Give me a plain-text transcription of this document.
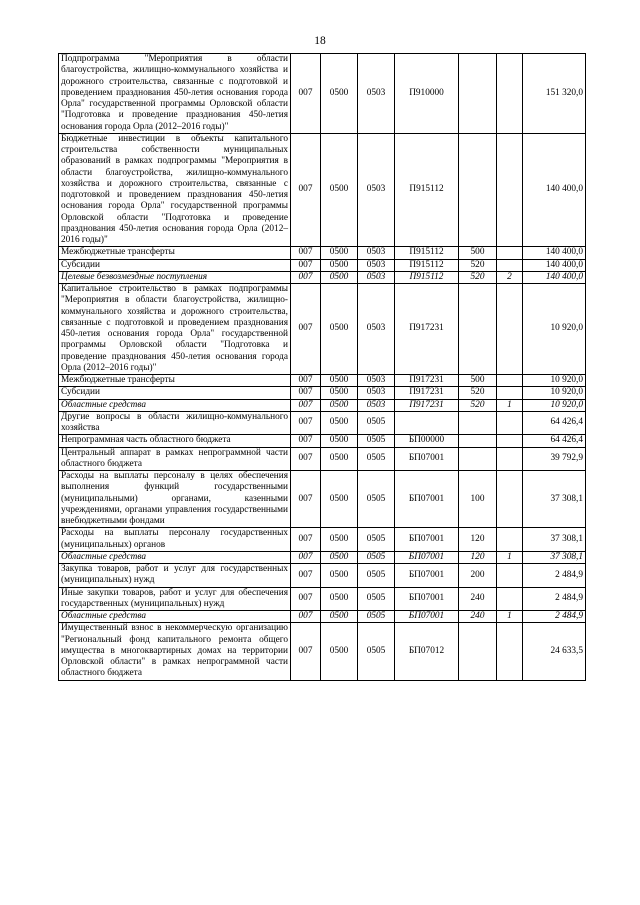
18
Подпрограмма "Мероприятия в области благоустройства, жилищно-коммунального хозяйства и дорожного строительства, связанные с подготовкой и проведением празднования 450-летия основания города Орла" государственной программы Орловской области "Подготовка и проведение празднования 450-летия основания города Орла (2012–2016 годы)"	007	0500	0503	П910000			151 320,0
Бюджетные инвестиции в объекты капитального строительства собственности муниципальных образований в рамках подпрограммы "Мероприятия в области благоустройства, жилищно-коммунального хозяйства и дорожного строительства, связанные с подготовкой и проведением празднования 450-летия основания города Орла" государственной программы Орловской области "Подготовка и проведение празднования 450-летия основания города Орла (2012–2016 годы)"	007	0500	0503	П915112			140 400,0
Межбюджетные трансферты	007	0500	0503	П915112	500		140 400,0
Субсидии	007	0500	0503	П915112	520		140 400,0
Целевые безвозмездные поступления	007	0500	0503	П915112	520	2	140 400,0
Капитальное строительство в рамках подпрограммы "Мероприятия в области благоустройства, жилищно-коммунального хозяйства и дорожного строительства, связанные с подготовкой и проведением празднования 450-летия основания города Орла" государственной программы Орловской области "Подготовка и проведение празднования 450-летия основания города Орла (2012–2016 годы)"	007	0500	0503	П917231			10 920,0
Межбюджетные трансферты	007	0500	0503	П917231	500		10 920,0
Субсидии	007	0500	0503	П917231	520		10 920,0
Областные средства	007	0500	0503	П917231	520	1	10 920,0
Другие вопросы в области жилищно-коммунального хозяйства	007	0500	0505				64 426,4
Непрограммная часть областного бюджета	007	0500	0505	БП00000			64 426,4
Центральный аппарат в рамках непрограммной части областного бюджета	007	0500	0505	БП07001			39 792,9
Расходы на выплаты персоналу в целях обеспечения выполнения функций государственными (муниципальными) органами, казенными учреждениями, органами управления государственными внебюджетными фондами	007	0500	0505	БП07001	100		37 308,1
Расходы на выплаты персоналу государственных (муниципальных) органов	007	0500	0505	БП07001	120		37 308,1
Областные средства	007	0500	0505	БП07001	120	1	37 308,1
Закупка товаров, работ и услуг для государственных (муниципальных) нужд	007	0500	0505	БП07001	200		2 484,9
Иные закупки товаров, работ и услуг для обеспечения государственных (муниципальных) нужд	007	0500	0505	БП07001	240		2 484,9
Областные средства	007	0500	0505	БП07001	240	1	2 484,9
Имущественный взнос в некоммерческую организацию "Региональный фонд капитального ремонта общего имущества в многоквартирных домах на территории Орловской области" в рамках непрограммной части областного бюджета	007	0500	0505	БП07012			24 633,5
